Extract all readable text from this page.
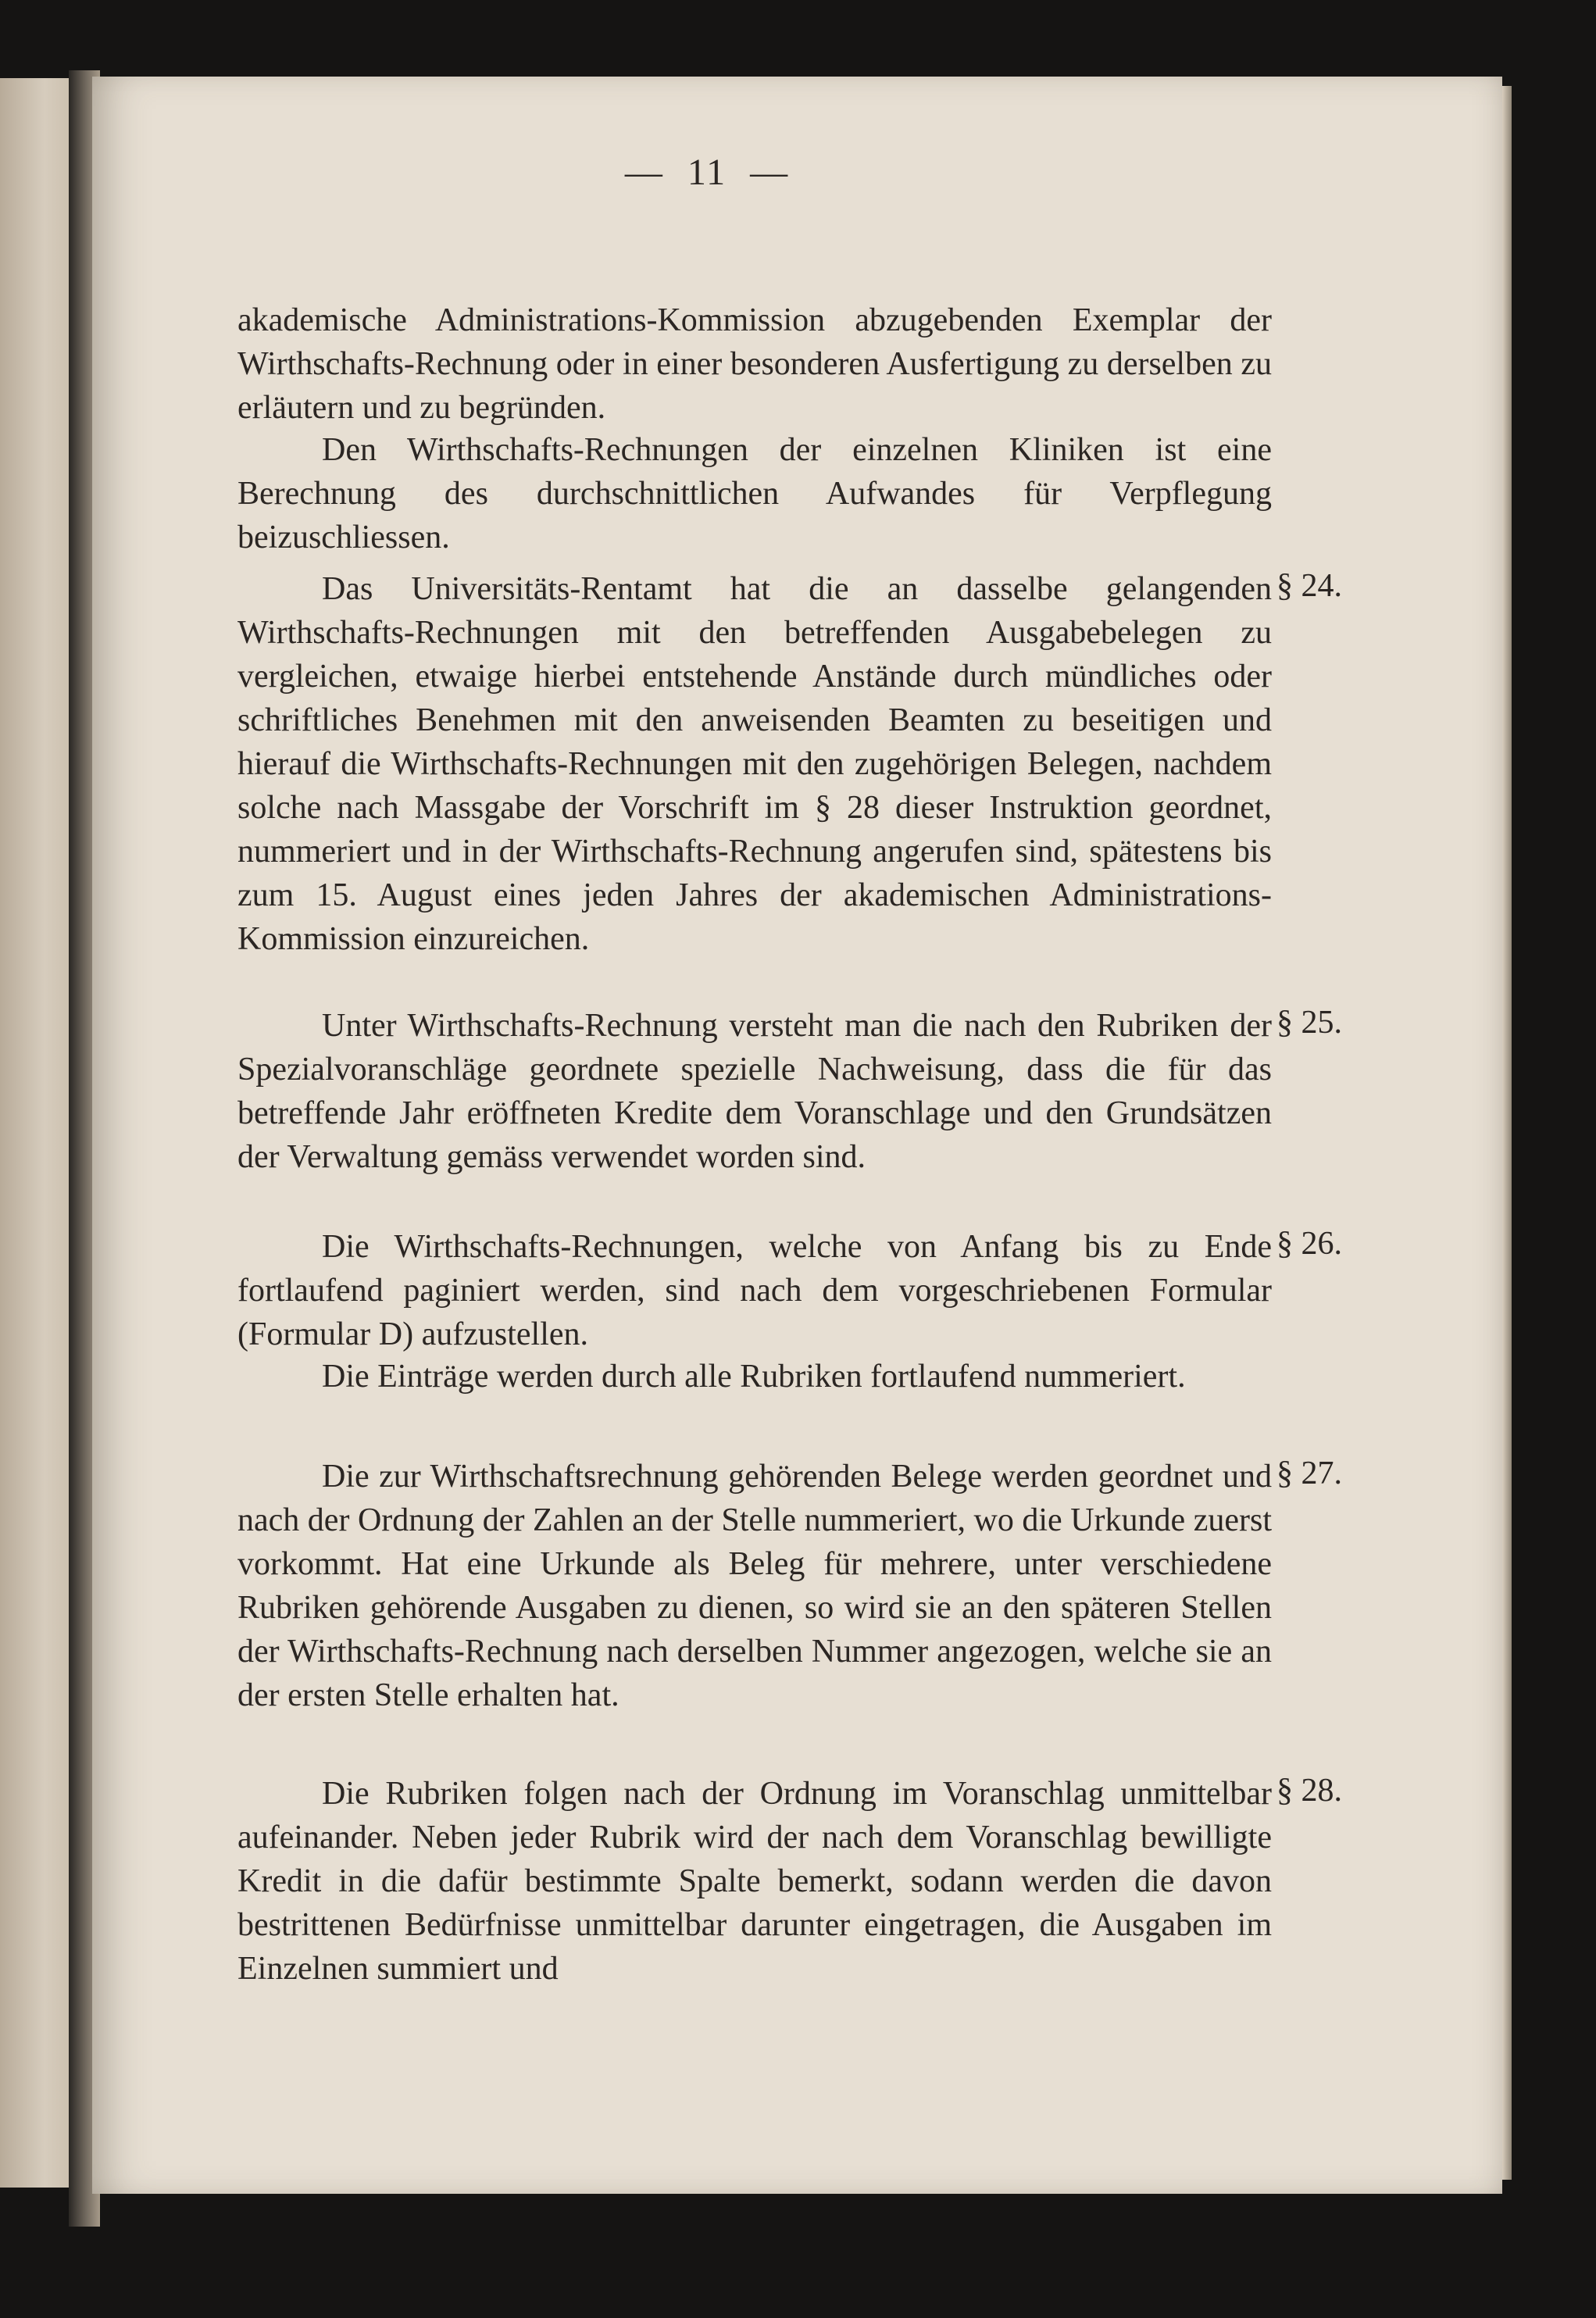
— 11 —

akademische Administrations-Kommission abzugebenden Exemplar der Wirthschafts-Rechnung oder in einer besonderen Ausfertigung zu derselben zu erläutern und zu begründen.

Den Wirthschafts-Rechnungen der einzelnen Kliniken ist eine Berechnung des durchschnittlichen Aufwandes für Verpflegung beizuschliessen.

Das Universitäts-Rentamt hat die an dasselbe gelangenden Wirthschafts-Rechnungen mit den betreffenden Ausgabebelegen zu vergleichen, etwaige hierbei entstehende Anstände durch mündliches oder schriftliches Benehmen mit den anweisenden Beamten zu beseitigen und hierauf die Wirthschafts-Rechnungen mit den zugehörigen Belegen, nachdem solche nach Massgabe der Vorschrift im § 28 dieser Instruktion geordnet, nummeriert und in der Wirthschafts-Rechnung angerufen sind, spätestens bis zum 15. August eines jeden Jahres der akademischen Administrations-Kommission einzureichen.

§ 24.

Unter Wirthschafts-Rechnung versteht man die nach den Rubriken der Spezialvoranschläge geordnete spezielle Nachweisung, dass die für das betreffende Jahr eröffneten Kredite dem Voranschlage und den Grundsätzen der Verwaltung gemäss verwendet worden sind.

§ 25.

Die Wirthschafts-Rechnungen, welche von Anfang bis zu Ende fortlaufend paginiert werden, sind nach dem vorgeschriebenen Formular (Formular D) aufzustellen.

§ 26.

Die Einträge werden durch alle Rubriken fortlaufend nummeriert.

Die zur Wirthschaftsrechnung gehörenden Belege werden geordnet und nach der Ordnung der Zahlen an der Stelle nummeriert, wo die Urkunde zuerst vorkommt. Hat eine Urkunde als Beleg für mehrere, unter verschiedene Rubriken gehörende Ausgaben zu dienen, so wird sie an den späteren Stellen der Wirthschafts-Rechnung nach derselben Nummer angezogen, welche sie an der ersten Stelle erhalten hat.

§ 27.

Die Rubriken folgen nach der Ordnung im Voranschlag unmittelbar aufeinander. Neben jeder Rubrik wird der nach dem Voranschlag bewilligte Kredit in die dafür bestimmte Spalte bemerkt, sodann werden die davon bestrittenen Bedürfnisse unmittelbar darunter eingetragen, die Ausgaben im Einzelnen summiert und

§ 28.
